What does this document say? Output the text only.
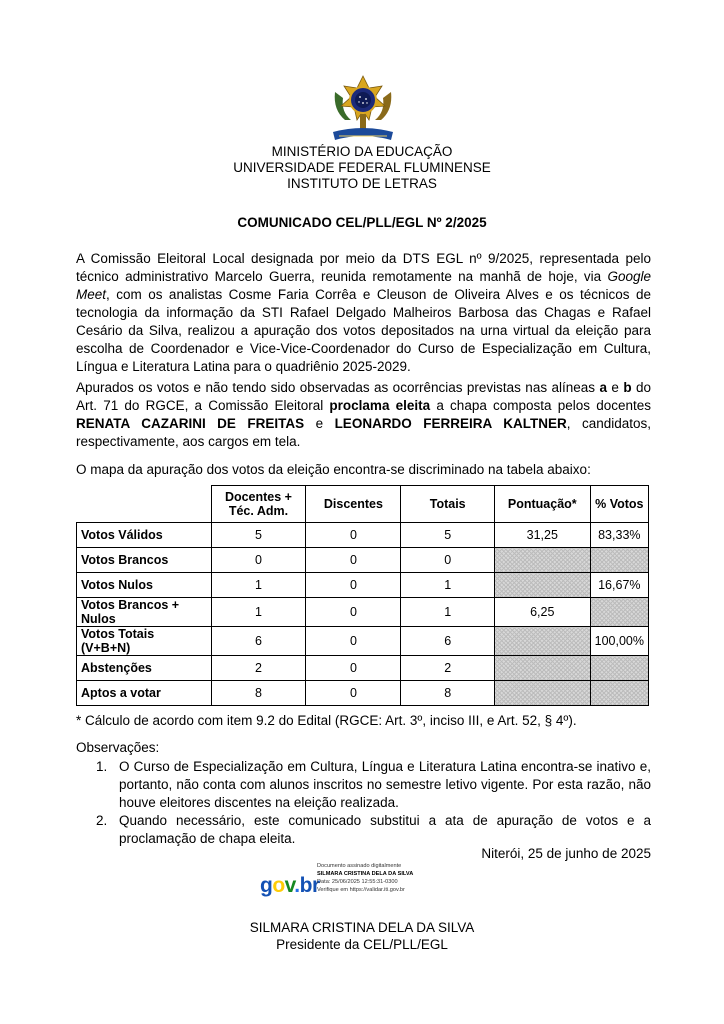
MINISTÉRIO DA EDUCAÇÃO
UNIVERSIDADE FEDERAL FLUMINENSE
INSTITUTO DE LETRAS
COMUNICADO CEL/PLL/EGL Nº 2/2025
A Comissão Eleitoral Local designada por meio da DTS EGL nº 9/2025, representada pelo técnico administrativo Marcelo Guerra, reunida remotamente na manhã de hoje, via Google Meet, com os analistas Cosme Faria Corrêa e Cleuson de Oliveira Alves e os técnicos de tecnologia da informação da STI Rafael Delgado Malheiros Barbosa das Chagas e Rafael Cesário da Silva, realizou a apuração dos votos depositados na urna virtual da eleição para escolha de Coordenador e Vice-Vice-Coordenador do Curso de Especialização em Cultura, Língua e Literatura Latina para o quadriênio 2025-2029.
Apurados os votos e não tendo sido observadas as ocorrências previstas nas alíneas a e b do Art. 71 do RGCE, a Comissão Eleitoral proclama eleita a chapa composta pelos docentes RENATA CAZARINI DE FREITAS e LEONARDO FERREIRA KALTNER, candidatos, respectivamente, aos cargos em tela.
O mapa da apuração dos votos da eleição encontra-se discriminado na tabela abaixo:
	Docentes + Téc. Adm.	Discentes	Totais	Pontuação*	% Votos
Votos Válidos	5	0	5	31,25	83,33%
Votos Brancos	0	0	0		
Votos Nulos	1	0	1		16,67%
Votos Brancos + Nulos	1	0	1	6,25	
Votos Totais (V+B+N)	6	0	6		100,00%
Abstenções	2	0	2		
Aptos a votar	8	0	8		
* Cálculo de acordo com item 9.2 do Edital (RGCE: Art. 3º, inciso III, e Art. 52, § 4º).
Observações:
1. O Curso de Especialização em Cultura, Língua e Literatura Latina encontra-se inativo e, portanto, não conta com alunos inscritos no semestre letivo vigente. Por esta razão, não houve eleitores discentes na eleição realizada.
2. Quando necessário, este comunicado substitui a ata de apuração de votos e a proclamação de chapa eleita.
Niterói, 25 de junho de 2025
gov.br
Documento assinado digitalmente
SILMARA CRISTINA DELA DA SILVA
Data: 25/06/2025 12:55:31-0300
Verifique em https://validar.iti.gov.br
SILMARA CRISTINA DELA DA SILVA
Presidente da CEL/PLL/EGL
